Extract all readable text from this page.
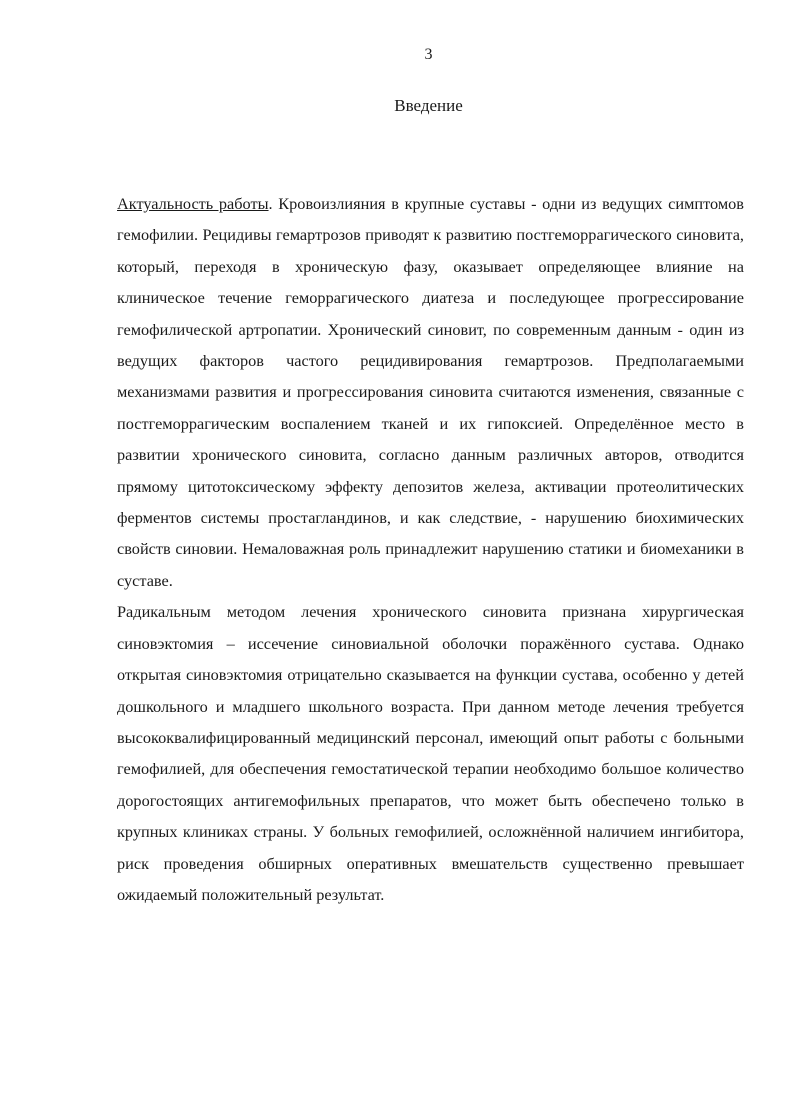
3
Введение

Актуальность работы. Кровоизлияния в крупные суставы - одни из ведущих симптомов гемофилии. Рецидивы гемартрозов приводят к развитию постгеморрагического синовита, который, переходя в хроническую фазу, оказывает определяющее влияние на клиническое течение геморрагического диатеза и последующее прогрессирование гемофилической артропатии. Хронический синовит, по современным данным - один из ведущих факторов частого рецидивирования гемартрозов. Предполагаемыми механизмами развития и прогрессирования синовита считаются изменения, связанные с постгеморрагическим воспалением тканей и их гипоксией. Определённое место в развитии хронического синовита, согласно данным различных авторов, отводится прямому цитотоксическому эффекту депозитов железа, активации протеолитических ферментов системы простагландинов, и как следствие, - нарушению биохимических свойств синовии. Немаловажная роль принадлежит нарушению статики и биомеханики в суставе.

Радикальным методом лечения хронического синовита признана хирургическая синовэктомия – иссечение синовиальной оболочки поражённого сустава. Однако открытая синовэктомия отрицательно сказывается на функции сустава, особенно у детей дошкольного и младшего школьного возраста. При данном методе лечения требуется высококвалифицированный медицинский персонал, имеющий опыт работы с больными гемофилией, для обеспечения гемостатической терапии необходимо большое количество дорогостоящих антигемофильных препаратов, что может быть обеспечено только в крупных клиниках страны. У больных гемофилией, осложнённой наличием ингибитора, риск проведения обширных оперативных вмешательств существенно превышает ожидаемый положительный результат.
